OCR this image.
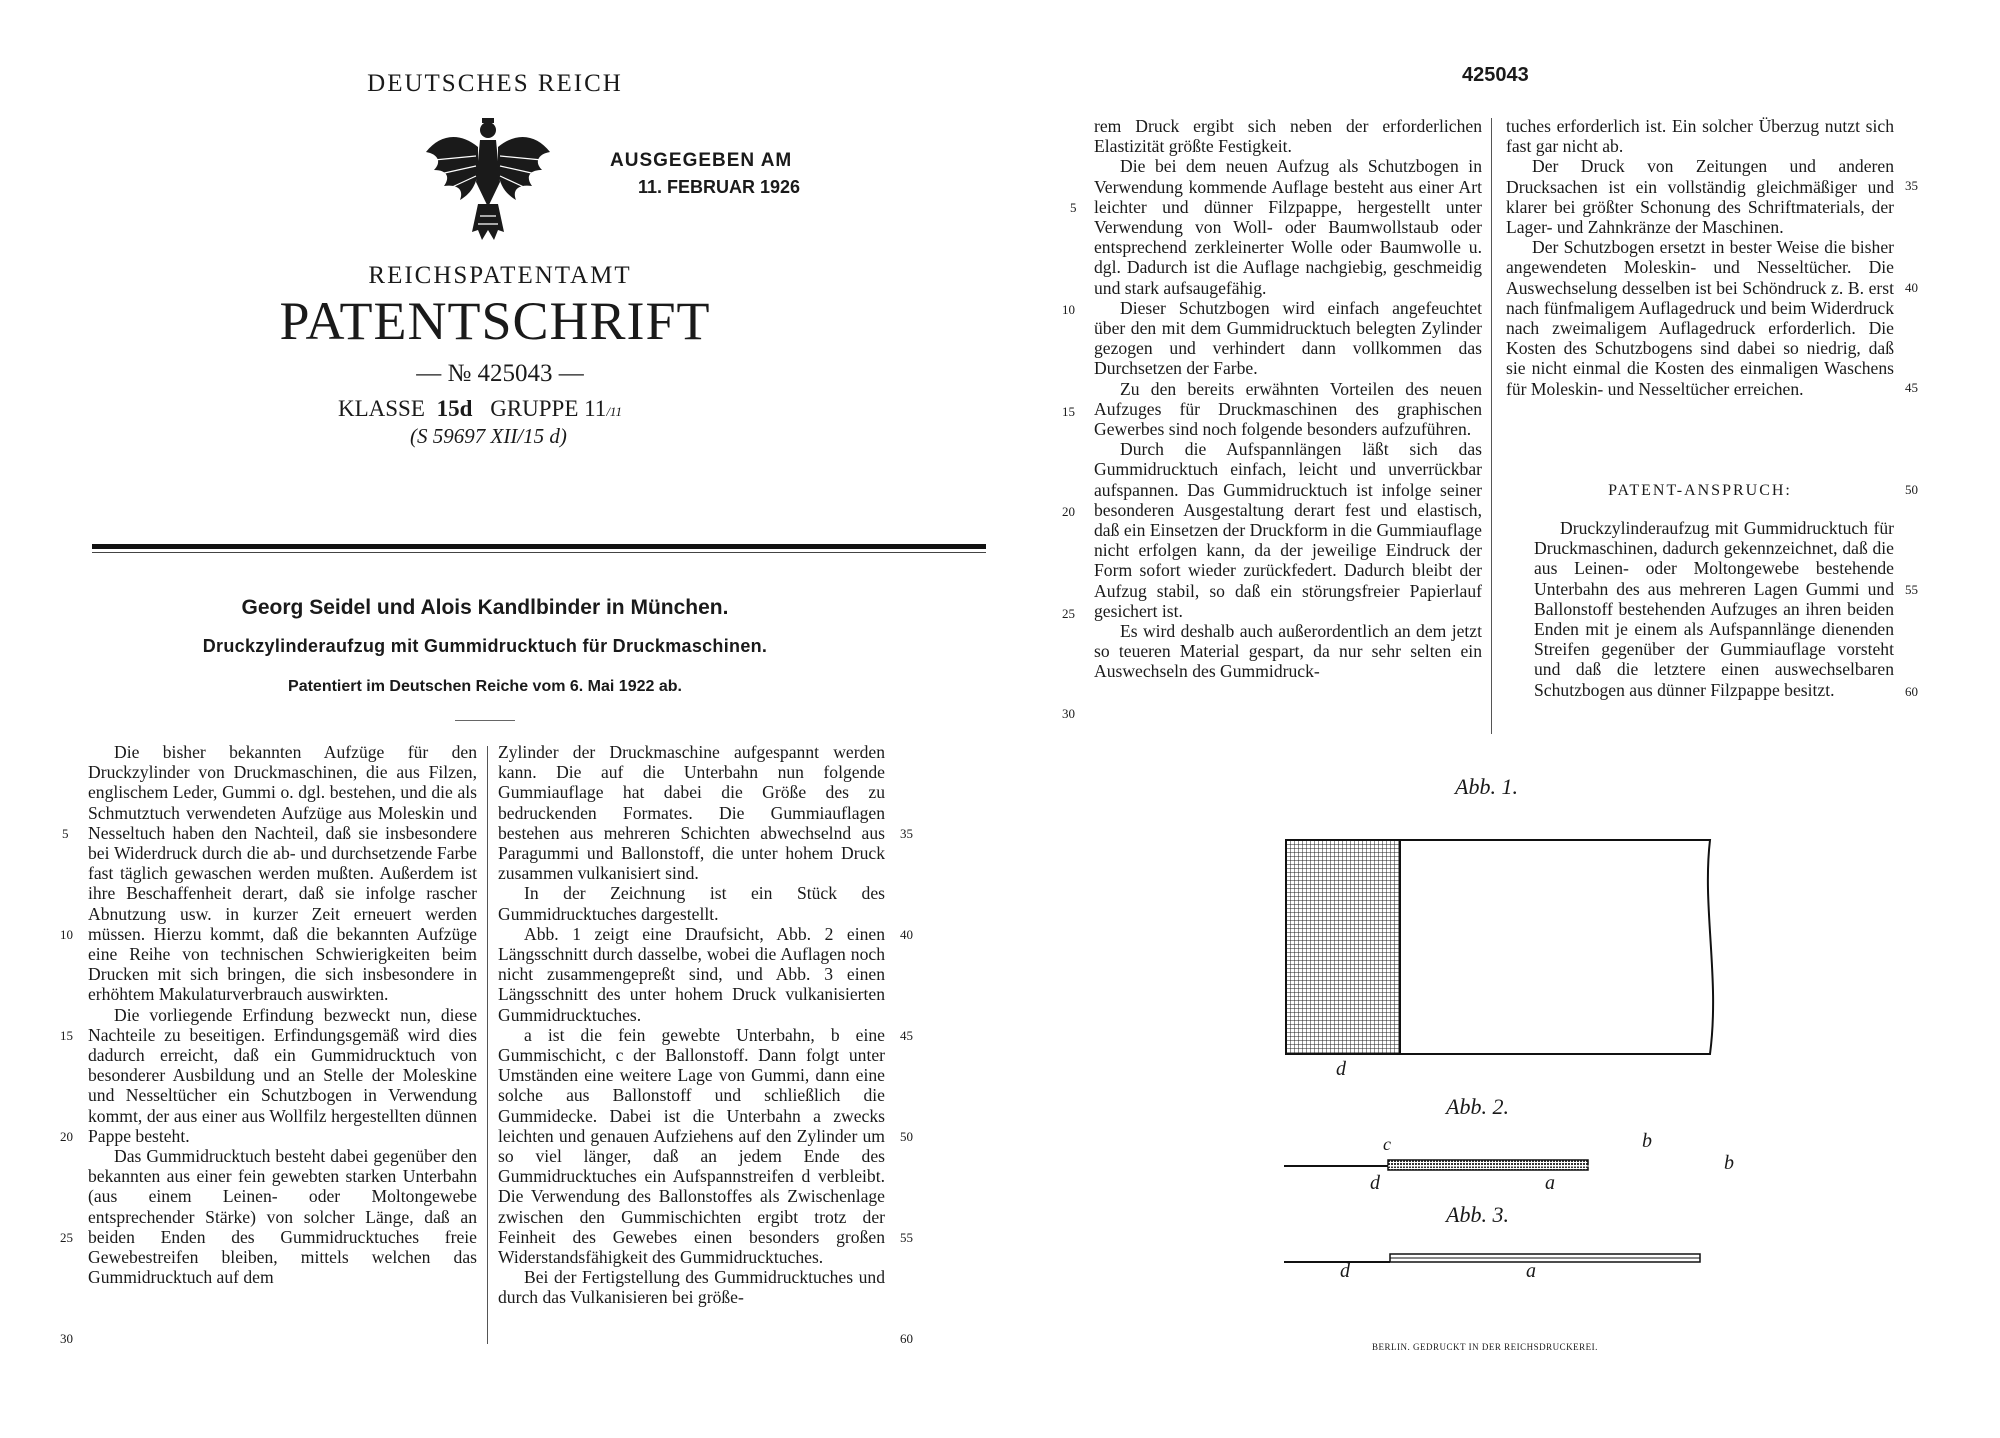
DEUTSCHES REICH
AUSGEGEBEN AM
11. FEBRUAR 1926
REICHSPATENTAMT
PATENTSCHRIFT
— № 425043 —
KLASSE 15d GRUPPE 11/11
(S 59697 XII/15 d)
Georg Seidel und Alois Kandlbinder in München.
Druckzylinderaufzug mit Gummidrucktuch für Druckmaschinen.
Patentiert im Deutschen Reiche vom 6. Mai 1922 ab.

Die bisher bekannten Aufzüge für den Druckzylinder von Druckmaschinen, die aus Filzen, englischem Leder, Gummi o. dgl. bestehen, und die als Schmutztuch verwendeten Aufzüge aus Moleskin und Nesseltuch haben den Nachteil, daß sie insbesondere bei Widerdruck durch die ab- und durchsetzende Farbe fast täglich gewaschen werden mußten. Außerdem ist ihre Beschaffenheit derart, daß sie infolge rascher Abnutzung usw. in kurzer Zeit erneuert werden müssen. Hierzu kommt, daß die bekannten Aufzüge eine Reihe von technischen Schwierigkeiten beim Drucken mit sich bringen, die sich insbesondere in erhöhtem Makulaturverbrauch auswirkten.

Die vorliegende Erfindung bezweckt nun, diese Nachteile zu beseitigen. Erfindungsgemäß wird dies dadurch erreicht, daß ein Gummidrucktuch von besonderer Ausbildung und an Stelle der Moleskine und Nesseltücher ein Schutzbogen in Verwendung kommt, der aus einer aus Wollfilz hergestellten dünnen Pappe besteht.

Das Gummidrucktuch besteht dabei gegenüber den bekannten aus einer fein gewebten starken Unterbahn (aus einem Leinen- oder Moltongewebe entsprechender Stärke) von solcher Länge, daß an beiden Enden des Gummidrucktuches freie Gewebestreifen bleiben, mittels welchen das Gummidrucktuch auf dem

Zylinder der Druckmaschine aufgespannt werden kann. Die auf die Unterbahn nun folgende Gummiauflage hat dabei die Größe des zu bedruckenden Formates. Die Gummiauflagen bestehen aus mehreren Schichten abwechselnd aus Paragummi und Ballonstoff, die unter hohem Druck zusammen vulkanisiert sind.

In der Zeichnung ist ein Stück des Gummidrucktuches dargestellt.

Abb. 1 zeigt eine Draufsicht, Abb. 2 einen Längsschnitt durch dasselbe, wobei die Auflagen noch nicht zusammengepreßt sind, und Abb. 3 einen Längsschnitt des unter hohem Druck vulkanisierten Gummidrucktuches.

a ist die fein gewebte Unterbahn, b eine Gummischicht, c der Ballonstoff. Dann folgt unter Umständen eine weitere Lage von Gummi, dann eine solche aus Ballonstoff und schließlich die Gummidecke. Dabei ist die Unterbahn a zwecks leichten und genauen Aufziehens auf den Zylinder um so viel länger, daß an jedem Ende des Gummidrucktuches ein Aufspannstreifen d verbleibt. Die Verwendung des Ballonstoffes als Zwischenlage zwischen den Gummischichten ergibt trotz der Feinheit des Gewebes einen besonders großen Widerstandsfähigkeit des Gummidrucktuches.

Bei der Fertigstellung des Gummidrucktuches und durch das Vulkanisieren bei größe-

5
10
15
20
25
30
35
40
45
50
55
60
425043

rem Druck ergibt sich neben der erforderlichen Elastizität größte Festigkeit.

Die bei dem neuen Aufzug als Schutzbogen in Verwendung kommende Auflage besteht aus einer Art leichter und dünner Filzpappe, hergestellt unter Verwendung von Woll- oder Baumwollstaub oder entsprechend zerkleinerter Wolle oder Baumwolle u. dgl. Dadurch ist die Auflage nachgiebig, geschmeidig und stark aufsaugefähig.

Dieser Schutzbogen wird einfach angefeuchtet über den mit dem Gummidrucktuch belegten Zylinder gezogen und verhindert dann vollkommen das Durchsetzen der Farbe.

Zu den bereits erwähnten Vorteilen des neuen Aufzuges für Druckmaschinen des graphischen Gewerbes sind noch folgende besonders aufzuführen.

Durch die Aufspannlängen läßt sich das Gummidrucktuch einfach, leicht und unverrückbar aufspannen. Das Gummidrucktuch ist infolge seiner besonderen Ausgestaltung derart fest und elastisch, daß ein Einsetzen der Druckform in die Gummiauflage nicht erfolgen kann, da der jeweilige Eindruck der Form sofort wieder zurückfedert. Dadurch bleibt der Aufzug stabil, so daß ein störungsfreier Papierlauf gesichert ist.

Es wird deshalb auch außerordentlich an dem jetzt so teueren Material gespart, da nur sehr selten ein Auswechseln des Gummidruck-

tuches erforderlich ist. Ein solcher Überzug nutzt sich fast gar nicht ab.

Der Druck von Zeitungen und anderen Drucksachen ist ein vollständig gleichmäßiger und klarer bei größter Schonung des Schriftmaterials, der Lager- und Zahnkränze der Maschinen.

Der Schutzbogen ersetzt in bester Weise die bisher angewendeten Moleskin- und Nesseltücher. Die Auswechselung desselben ist bei Schöndruck z. B. erst nach fünfmaligem Auflagedruck und beim Widerdruck nach zweimaligem Auflagedruck erforderlich. Die Kosten des Schutzbogens sind dabei so niedrig, daß sie nicht einmal die Kosten des einmaligen Waschens für Moleskin- und Nesseltücher erreichen.

PATENT-ANSPRUCH:

Druckzylinderaufzug mit Gummidrucktuch für Druckmaschinen, dadurch gekennzeichnet, daß die aus Leinen- oder Moltongewebe bestehende Unterbahn des aus mehreren Lagen Gummi und Ballonstoff bestehenden Aufzuges an ihren beiden Enden mit je einem als Aufspannlänge dienenden Streifen gegenüber der Gummiauflage vorsteht und daß die letztere einen auswechselbaren Schutzbogen aus dünner Filzpappe besitzt.

5
10
15
20
25
30
35
40
45
50
55
60
Abb. 1.
d
Abb. 2.
c	b
b
d	a
Abb. 3.
d	a
BERLIN. GEDRUCKT IN DER REICHSDRUCKEREI.
